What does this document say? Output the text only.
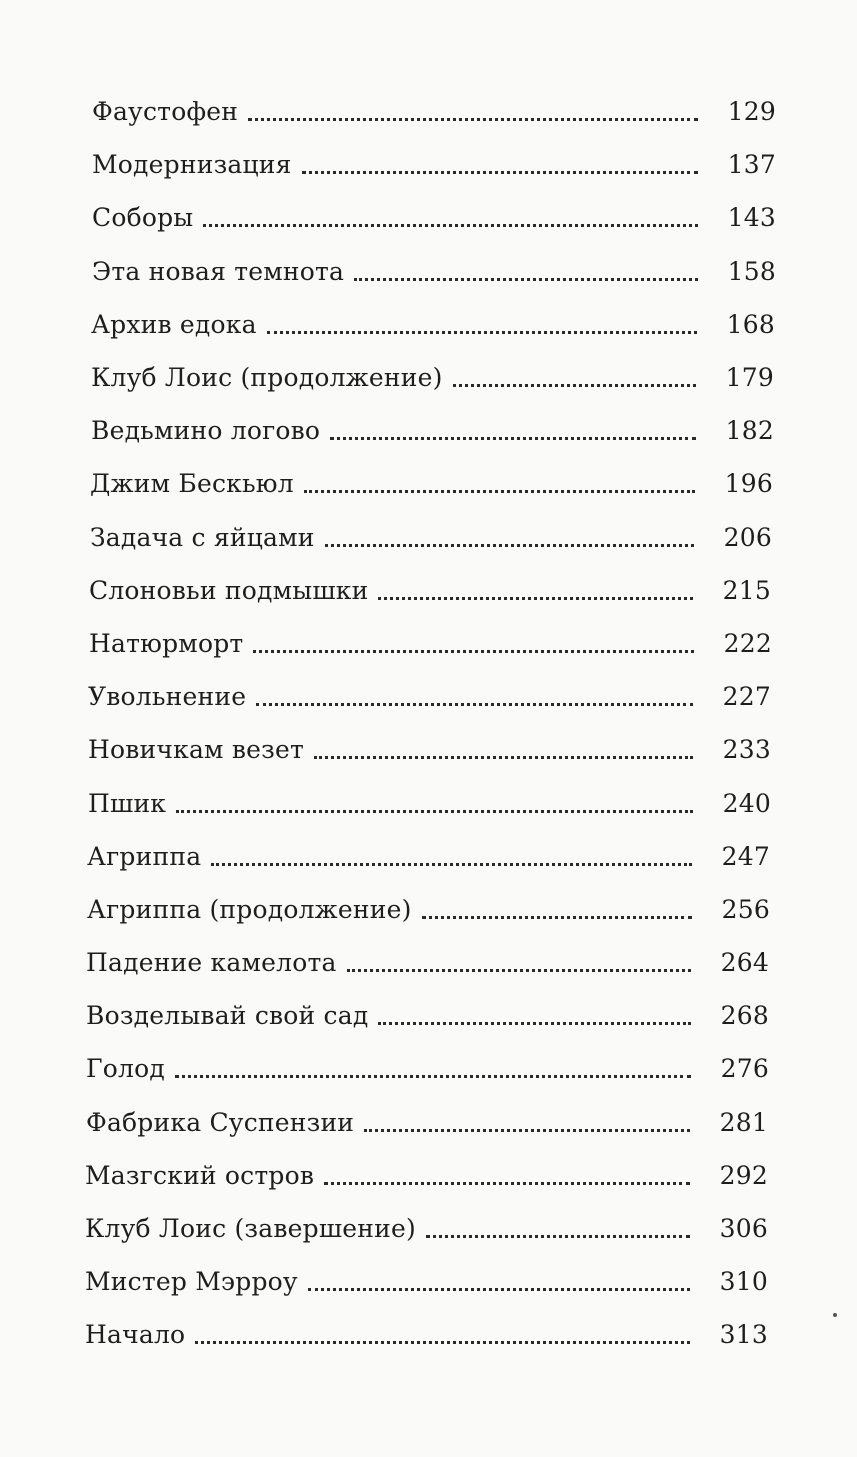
Фаустофен	129
Модернизация	137
Соборы	143
Эта новая темнота	158
Архив едока	168
Клуб Лоис (продолжение)	179
Ведьмино логово	182
Джим Бескьюл	196
Задача с яйцами	206
Слоновьи подмышки	215
Натюрморт	222
Увольнение	227
Новичкам везет	233
Пшик	240
Агриппа	247
Агриппа (продолжение)	256
Падение камелота	264
Возделывай свой сад	268
Голод	276
Фабрика Суспензии	281
Мазгский остров	292
Клуб Лоис (завершение)	306
Мистер Мэрроу	310
Начало	313
